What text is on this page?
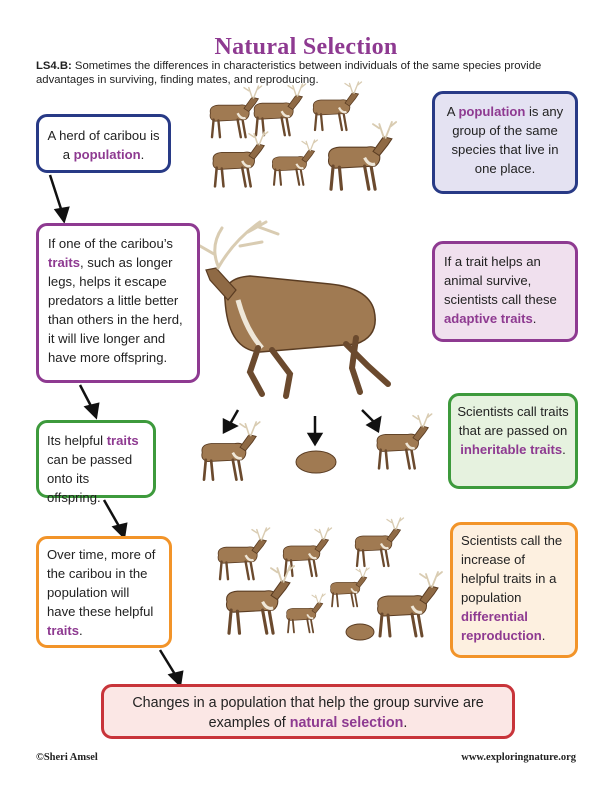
Natural Selection
LS4.B: Sometimes the differences in characteristics between individuals of the same species provide advantages in surviving, finding mates, and reproducing.
A herd of caribou is a population.
A population is any group of the same species that live in one place.
If one of the caribou’s traits, such as longer legs, helps it escape predators a little better than others in the herd, it will live longer and have more offspring.
If a trait helps an animal survive, scientists call these adaptive traits.
Its helpful traits can be passed onto its offspring.
Scientists call traits that are passed on inheritable traits.
Over time, more of the caribou in the population will have these helpful traits.
Scientists call the increase of helpful traits in a population differential reproduction.
Changes in a population that help the group survive are examples of natural selection.
©Sheri Amsel	www.exploringnature.org
